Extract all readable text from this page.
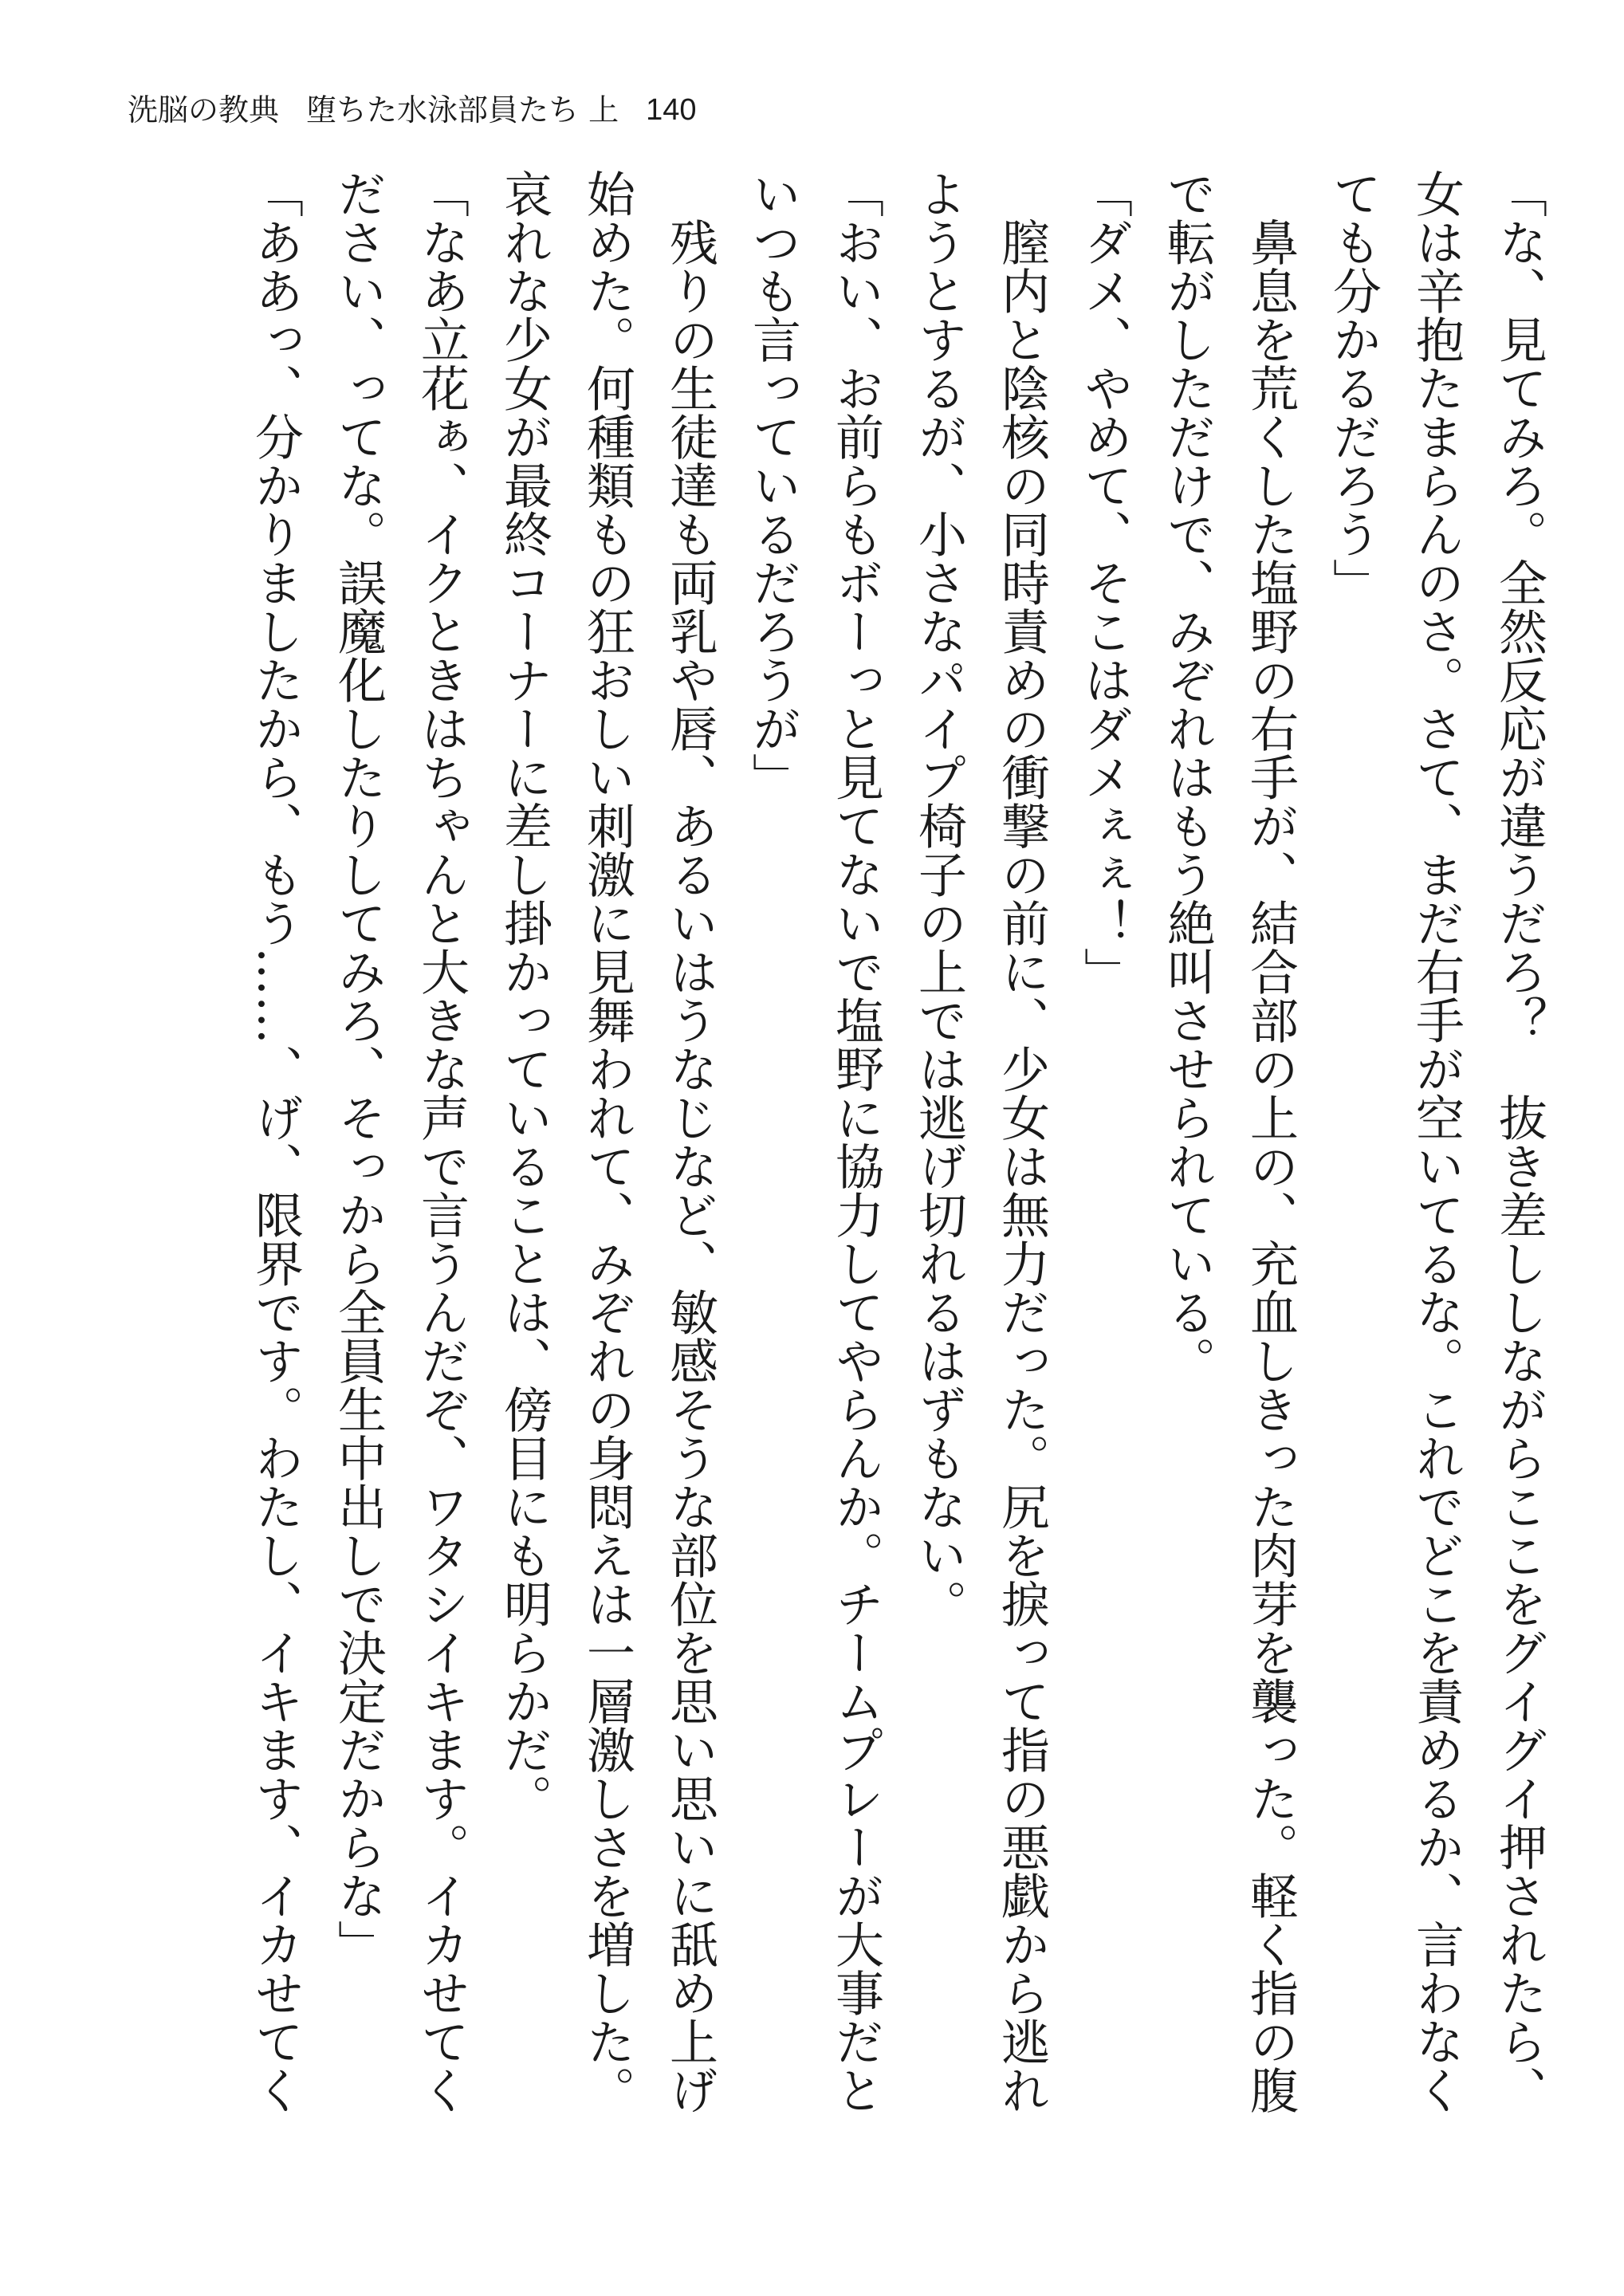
洗脳の教典 堕ちた水泳部員たち 上 140
「な、見てみろ。全然反応が違うだろ？　抜き差ししながらここをグイグイ押されたら、
女は辛抱たまらんのさ。さて、まだ右手が空いてるな。これでどこを責めるか、言わなく
ても分かるだろう」
　鼻息を荒くした塩野の右手が、結合部の上の、充血しきった肉芽を襲った。軽く指の腹
で転がしただけで、みぞれはもう絶叫させられている。
「ダメ、やめて、そこはダメぇぇ！」
　膣内と陰核の同時責めの衝撃の前に、少女は無力だった。尻を捩って指の悪戯から逃れ
ようとするが、小さなパイプ椅子の上では逃げ切れるはずもない。
「おい、お前らもボーっと見てないで塩野に協力してやらんか。チームプレーが大事だと
いつも言っているだろうが」
　残りの生徒達も両乳や唇、あるいはうなじなど、敏感そうな部位を思い思いに舐め上げ
始めた。何種類もの狂おしい刺激に見舞われて、みぞれの身悶えは一層激しさを増した。
哀れな少女が最終コーナーに差し掛かっていることは、傍目にも明らかだ。
「なあ立花ぁ、イクときはちゃんと大きな声で言うんだぞ、ワタシイキます。イカせてく
ださい、ってな。誤魔化したりしてみろ、そっから全員生中出しで決定だからな」
「ああっ、分かりましたから、もう……、げ、限界です。わたし、イキます、イカせてく
